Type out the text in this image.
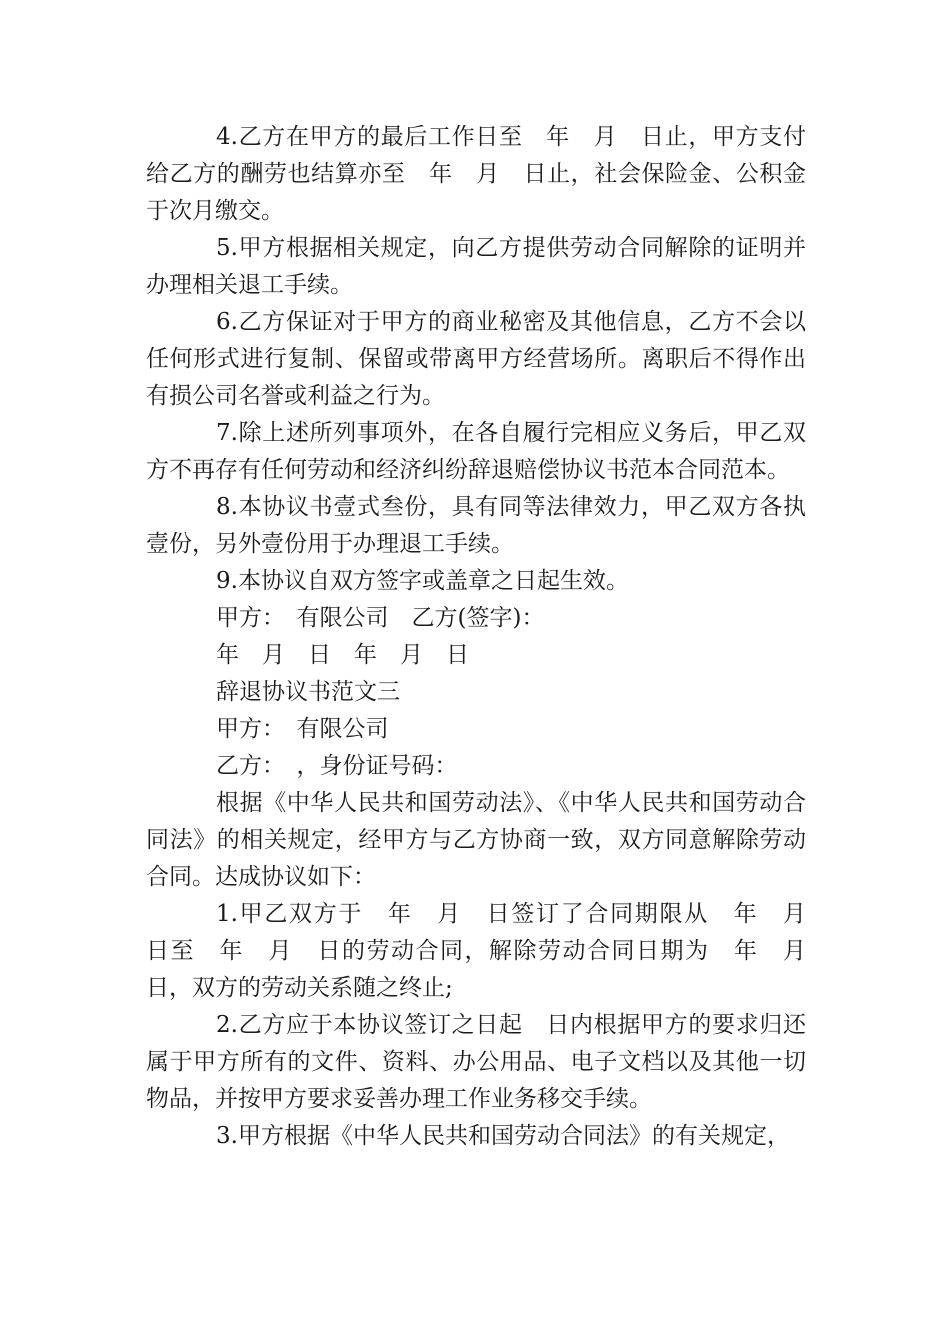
4.乙方在甲方的最后工作日至　年　月　日止，甲方支付给乙方的酬劳也结算亦至　年　月　日止，社会保险金、公积金于次月缴交。

5.甲方根据相关规定，向乙方提供劳动合同解除的证明并办理相关退工手续。

6.乙方保证对于甲方的商业秘密及其他信息，乙方不会以任何形式进行复制、保留或带离甲方经营场所。离职后不得作出有损公司名誉或利益之行为。

7.除上述所列事项外，在各自履行完相应义务后，甲乙双方不再存有任何劳动和经济纠纷辞退赔偿协议书范本合同范本。

8.本协议书壹式叁份，具有同等法律效力，甲乙双方各执壹份，另外壹份用于办理退工手续。

9.本协议自双方签字或盖章之日起生效。

甲方：　有限公司　乙方(签字)：

年　月　日　年　月　日

辞退协议书范文三

甲方：　有限公司

乙方：　，身份证号码：

根据《中华人民共和国劳动法》、《中华人民共和国劳动合同法》的相关规定，经甲方与乙方协商一致，双方同意解除劳动合同。达成协议如下：

1.甲乙双方于　年　月　日签订了合同期限从　年　月　日至　年　月　日的劳动合同，解除劳动合同日期为　年　月　日，双方的劳动关系随之终止;

2.乙方应于本协议签订之日起　日内根据甲方的要求归还属于甲方所有的文件、资料、办公用品、电子文档以及其他一切物品，并按甲方要求妥善办理工作业务移交手续。

3.甲方根据《中华人民共和国劳动合同法》的有关规定，
